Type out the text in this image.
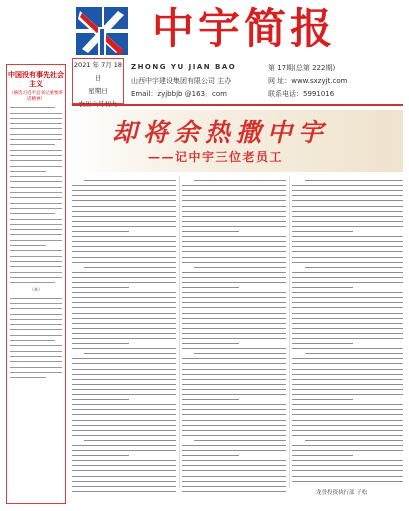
中国没有事先社会主义
（摘选习近平总书记重要讲话精神）
（※）
中宇简报
2021 年 7月 18日
星期日
ZHONG YU JIAN BAO
山西中宇建设集团有限公司 主办
Email：zyjbbjb @163．com
第 17期(总第 222期)
网 址：www.sxzyjt.com
联系电话：5991016
却将余热撒中宇
——记中宇三位老员工
龙誉投资执行部 子松
